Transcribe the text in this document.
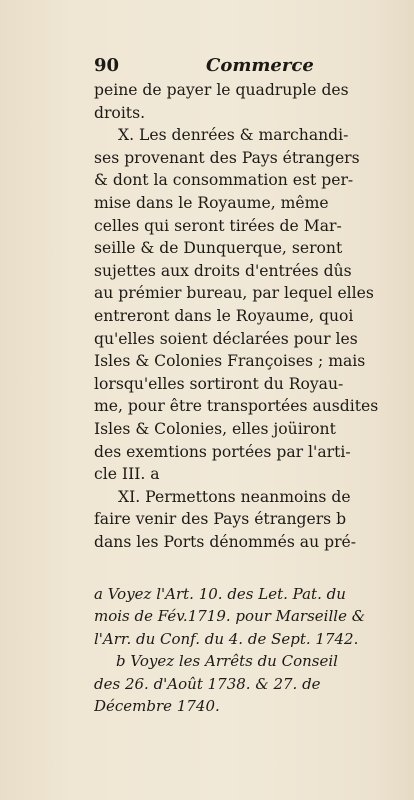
90	Commerce
peine de payer le quadruple des
droits.
X. Les denrées & marchandi-
ses provenant des Pays étrangers
& dont la consommation est per-
mise dans le Royaume, même
celles qui seront tirées de Mar-
seille & de Dunquerque, seront
sujettes aux droits d'entrées dûs
au prémier bureau, par lequel elles
entreront dans le Royaume, quoi
qu'elles soient déclarées pour les
Isles & Colonies Françoises ; mais
lorsqu'elles sortiront du Royau-
me, pour être transportées ausdites
Isles & Colonies, elles joüiront
des exemtions portées par l'arti-
cle III. a
XI. Permettons neanmoins de
faire venir des Pays étrangers b
dans les Ports dénommés au pré-
a Voyez l'Art. 10. des Let. Pat. du
mois de Fév.1719. pour Marseille &
l'Arr. du Conf. du 4. de Sept. 1742.
b Voyez les Arrêts du Conseil
des 26. d'Août 1738. & 27. de
Décembre 1740.
